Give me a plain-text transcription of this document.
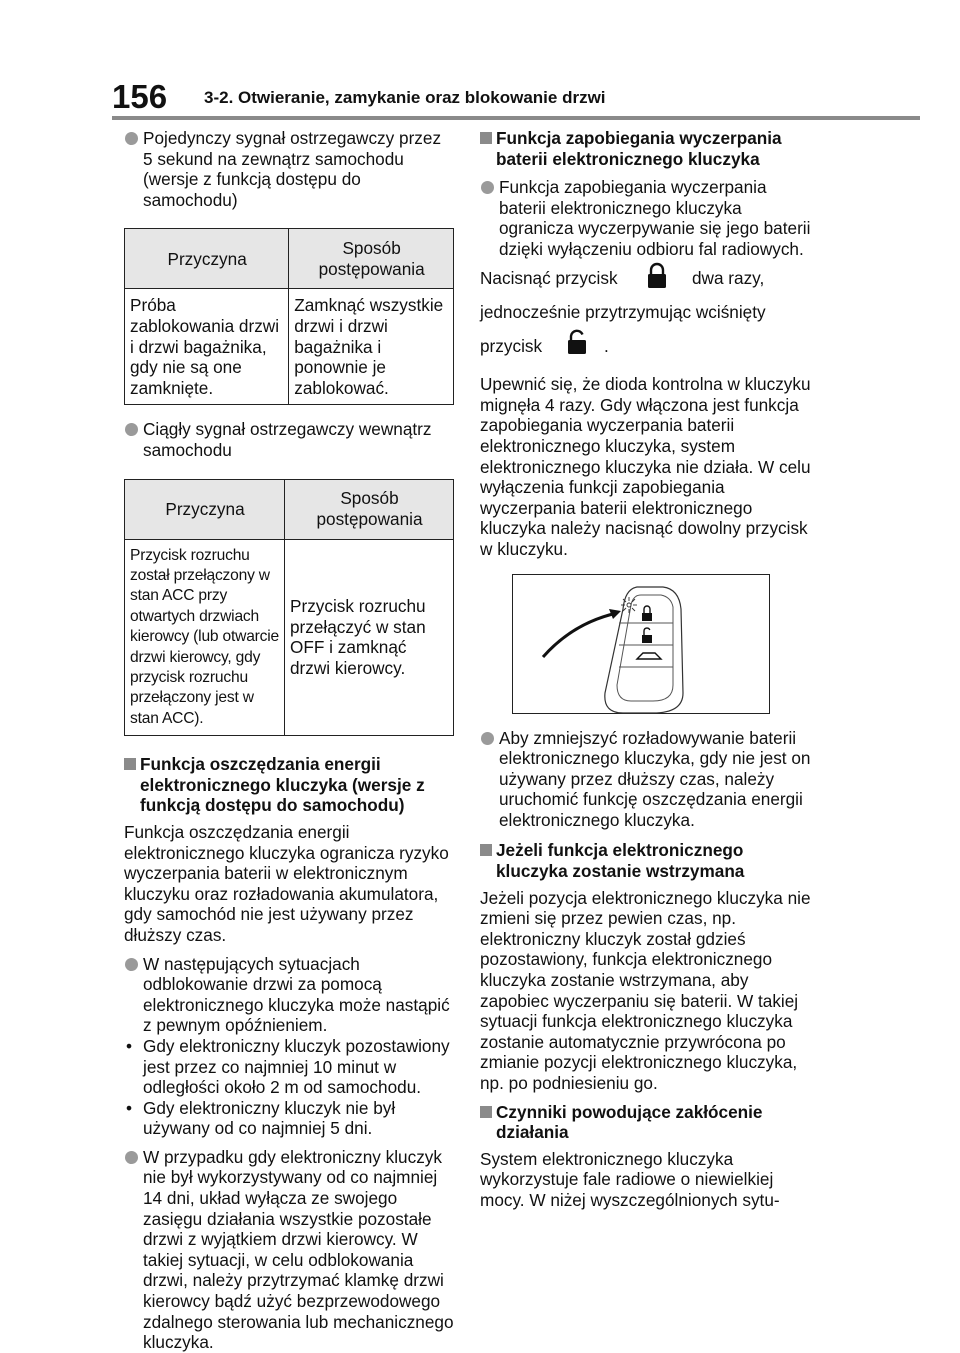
156 3-2. Otwieranie, zamykanie oraz blokowanie drzwi
Pojedynczy sygnał ostrzegawczy przez 5 sekund na zewnątrz samochodu (wersje z funkcją dostępu do samochodu)
Przyczyna	Sposób postępowania
Próba zablokowania drzwi i drzwi bagażnika, gdy nie są one zamknięte.	Zamknąć wszystkie drzwi i drzwi bagażnika i ponownie je zablokować.
Ciągły sygnał ostrzegawczy wewnątrz samochodu
Przyczyna	Sposób postępowania
Przycisk rozruchu został przełączony w stan ACC przy otwartych drzwiach kierowcy (lub otwarcie drzwi kierowcy, gdy przycisk rozruchu przełączony jest w stan ACC).	Przycisk rozruchu przełączyć w stan OFF i zamknąć drzwi kierowcy.
Funkcja oszczędzania energii elektronicznego kluczyka (wersje z funkcją dostępu do samochodu)
Funkcja oszczędzania energii elektronicznego kluczyka ogranicza ryzyko wyczerpania baterii w elektronicznym kluczyku oraz rozładowania akumulatora, gdy samochód nie jest używany przez dłuższy czas.
W następujących sytuacjach odblokowanie drzwi za pomocą elektronicznego kluczyka może nastąpić z pewnym opóźnieniem.
• Gdy elektroniczny kluczyk pozostawiony jest przez co najmniej 10 minut w odległości około 2 m od samochodu.
• Gdy elektroniczny kluczyk nie był używany od co najmniej 5 dni.
W przypadku gdy elektroniczny kluczyk nie był wykorzystywany od co najmniej 14 dni, układ wyłącza ze swojego zasięgu działania wszystkie pozostałe drzwi z wyjątkiem drzwi kierowcy. W takiej sytuacji, w celu odblokowania drzwi, należy przytrzymać klamkę drzwi kierowcy bądź użyć bezprzewodowego zdalnego sterowania lub mechanicznego kluczyka.
Funkcja zapobiegania wyczerpania baterii elektronicznego kluczyka
Funkcja zapobiegania wyczerpania baterii elektronicznego kluczyka ogranicza wyczerpywanie się jego baterii dzięki wyłączeniu odbioru fal radiowych.
Nacisnąć przycisk	dwa razy,
jednocześnie przytrzymując wciśnięty
przycisk	.
Upewnić się, że dioda kontrolna w kluczyku mignęła 4 razy. Gdy włączona jest funkcja zapobiegania wyczerpania baterii elektronicznego kluczyka, system elektronicznego kluczyka nie działa. W celu wyłączenia funkcji zapobiegania wyczerpania baterii elektronicznego kluczyka należy nacisnąć dowolny przycisk w kluczyku.
Aby zmniejszyć rozładowywanie baterii elektronicznego kluczyka, gdy nie jest on używany przez dłuższy czas, należy uruchomić funkcję oszczędzania energii elektronicznego kluczyka.
Jeżeli funkcja elektronicznego kluczyka zostanie wstrzymana
Jeżeli pozycja elektronicznego kluczyka nie zmieni się przez pewien czas, np. elektroniczny kluczyk został gdzieś pozostawiony, funkcja elektronicznego kluczyka zostanie wstrzymana, aby zapobiec wyczerpaniu się baterii. W takiej sytuacji funkcja elektronicznego kluczyka zostanie automatycznie przywrócona po zmianie pozycji elektronicznego kluczyka, np. po podniesieniu go.
Czynniki powodujące zakłócenie działania
System elektronicznego kluczyka wykorzystuje fale radiowe o niewielkiej mocy. W niżej wyszczególnionych sytu-
